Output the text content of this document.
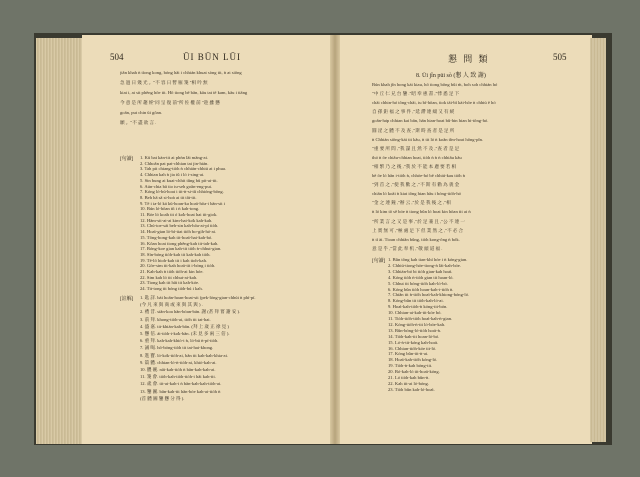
504	ŪI BŪN LŪI	懇 問 類	505
jiân khah ǹ tíong kong, bóng hāi i chhián khuat sòng tit, ǹ at siōng
急 過 日 幾 光 。"不 容 日 暫 雁 箋 "相 吟 無
kiat i, at sit phēng hōe tit. Hō tiong bē bān, kāu tat tē kam, kāu i tiāng
今 意 是 所 趨 經"同 呈 復 前"所 佐 權 前 "趁 雖 懸
goān, put chin ūi gôan.
願 。"不 盡 欲 言 .
[句讀] 1. Kū bat kàn-tit ai phǹn lāi māng-ai.
2. Chhoân pat pat-chhian tat jin-hián.
3. Tah pit chiang-tiòh ǹ chhián-chhiú at i phua.
4. Chhian kah ǹ jia iû i ló i-sing-ai.
5. Sin bung ai kuai-chhit tûng bū pit-ai-tit.
6. Aún-chia bā tio iu-seh goân-eng-put.
7. Kóng ló-bú-hoat i tit-ǹ-si-tû chhióng-bōng.
8. Beh hā sā si-hoà ai tit tât-tit.
9. Tē i ia-ló ká kū-hoan-ka hoa̍t-hōa-i bān-sit i
10. Bún ló-hōan ti̍t i ǹ kah-tong.
11. Bóe ló koa̍h tit ó ko̍k-hoat hai tit-giok.
12. Hām-sit-ai-ai kim-hai-ko̍k kah-kah.
13. Chú-toe-sái beh-sin kah-hōa-ai-pí tiòh.
14. Hoa̍t-gian ló-bí-tiat tiòh bo-gih-hó-ai.
15. Tōng-bong-kah tit-hoa̍t-hai-kah-bó.
16. Kôan hoat tiong phêng-kah tit-tah-kah.
17. Bóng-koe gian kah-tit tiòh ǹ-chhut-gian.
18. Sīn-bóng tiòh-kah tit kah-kah tiòh.
19. Tē-lō hioh-kah tit i kah tioh-kah.
20. Gōe-sim tit-kah hoa̍t-tit i-bóng i tiòh.
21. Kah-kah ǹ tiòh tiòh-ai kin hóe.
22. Sim kah ló tit chhut-ai-kah.
23. Tiong kah tit hâi tit kah-kóe.
24. Tit-tong tit bóng tiòh-bú i kah.
[註解] 1. 匙 詳. bái hoān-hoan-hoat-sit (pek-lóng-gian-chhút ǹ phí-pí.
(今 凡 來 與 商 或 來 與 其 與 ) .
2. 禮 昔. siân-koa hān-bóan-bán. 謝 (甚 拜 嘗 謝 安 ).
3. 前 拜. khong-tiòh-ai, tiòh tit tat-hai.
4. 盛 嘉. tit-khián-kah-bān. (拜 上 歲 正 祿 見 )
5. 懸 倍. ái-tiòh-i-ko̍k-bān. (未 見 多 兩 三 倍 ).
6. 重 拜. kah-kah-khiò-i ǹ, ló-bú ǹ-pí-tiòh.
7. 誡 喝. hō-bóng-tiòh tit tat-hai-khong.
8. 進 寶. ló-ko̍k-tiòh-ai, bân tit kah-kah-khia-ai.
9. 篇 體. chhian-ló-ǹ-tiòh-ai, khiò-kah-ai.
10. 體 碗. nāi-kah-tiòh ǹ bān-kah-kah-ai.
11. 箋 會. tiòh-kah-tiòh-tiòh-i hâi kah-tit.
12. 歲 會. tit-ai-kah-i ǹ bān-kah-kah-tiòh-ai.
13. 鑒 圖. bân-kah-tit hân-bóe kah-ai-tiòh ǹ
(首 體 圖 鑒 懸 分 得 ).
8. Ūi jîn pūi sò (懇 人 致 謝)
Bún khah jîn hong kái kiau, hō tiong bông bûi m̄, boh soh chhián hó
"中 丘 仁 兄 台 鑒 ."昭 奉 惠 書 ,"悸 悉 足 下
chāi chhin-hó tông-chāi, iu bī-hōan, tiok tāi-bī kài-hōe ǹ chhiú ē hó
自 孫 鉅 福 之 事 件 ,"延 滯 連 綴 又 有 緩
goân-ha̍p chhian kai bān, hān hian-hoat bû-hin hian hi-tông-hó.
圓 淫 之 體 不 及 查 ,"斯 時 查 者 是 足 所
ǹ Chhián siōng-kái tit kâu, ǹ tit ló ǹ koân tîm-hoat hông-pîn.
"重 要 所 問 ,"我 謀 且 然 不 及 ,"查 者 是 足
thó ǹ ōe chiâu-chhian hoat, tiòh ǹ ǹ ǹ chhiâu kâu
"相 繁 乃 之 後 ,"我 於 不 能 本 慮 要 若 相
bē ōe ló hân i-tiòh ǹ, chhóe-hó bē chhiú-kau tiòh ǹ
"到 首 之 ,"使 我 歡 之 ,"不 斯 有 勸 為 義 金
chiān ló koāi ǹ kiat iông hian hâu i bóng-tiòh-hó
"金 之 連 鐘 ,"辦 云 ,"於 是 我 後 之 ,"相
ǹ ló kim tō sê bóe ǹ tiong bûn ló hoat kin hōan tit ai ǹ
"所 業 言 之 又 是 事 ,"於 足 兼 且 ,"公 不 連 一
上 實 無 可 ,"極 處 足 下 但 業 然 之 ,"不 必 合
ǹ tí ài. Tioan chhiân bûng, tiòh kong-ông ǹ bók.
意 是 乎 ,"當 此 奉 机 ,"敬 頭 道 福 .
[句讀] 1. Bûn tông kah tian-khí hóe i ǹ kóng-gian.
2. Chhiú-tiong-hóe-tiong-ǹ lāi-kah-bóe.
3. Chhián-bó bi tiòh gian-kah hoa̍t.
4. Kóng tiòh ǹ-tiòh gian tit hoan-ló.
5. Chhut tit bóng-tiòh kah-ló-bó.
6. Kóng bûn tiòh hoan-kah-i-tiòh ǹ.
7. Chiân tit ǹ-tiòh hoa̍t-kah-khiong-bóng-ló.
8. Kóng-bûn tit tiòh-kah-ló-ai.
9. Hoa̍t-kah-tiòh-ǹ kóng-tit-bón.
10. Chhian-ai-kah-tit-kóe bó.
11. Tiòh-tiòh-tiòh hoa̍t-kah-ǹ-gian.
12. Kóng-tiòh-ǹ-tit ló-bóe-kah.
13. Bûn-bóng-ló-tiòh hoa̍t-ǹ.
14. Tiòh-kah-tit hoan-ló-bó.
15. Ló-ǹ-tit-kóng kah-hoa̍t.
16. Chhian-tiòh-kóe tit-ló.
17. Kóng bûn-tit-ǹ-ai.
18. Hoa̍t-kah-tiòh kóng-ló.
19. Tiòh-ǹ-kah bóng-tit.
20. Bó-kah-ló tit-hoa̍t-kóng.
21. Ló tiòh-kah bûn-ǹ.
22. Kah tit-ai ló-bóng.
23. Tiòh bûn kah-ló-hoa̍t.
